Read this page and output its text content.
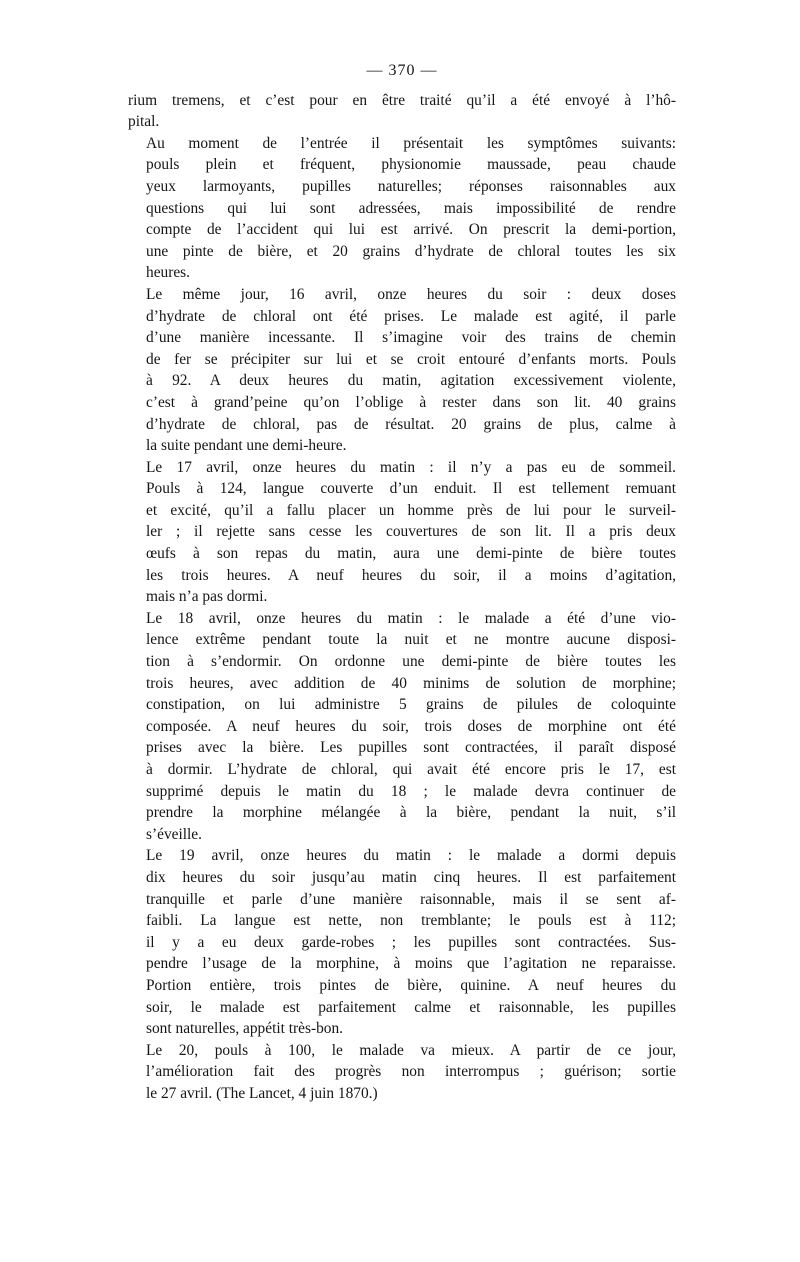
— 370 —
rium tremens, et c’est pour en être traité qu’il a été envoyé à l’hô-
pital.
Au moment de l’entrée il présentait les symptômes suivants:
pouls plein et fréquent, physionomie maussade, peau chaude
yeux larmoyants, pupilles naturelles; réponses raisonnables aux
questions qui lui sont adressées, mais impossibilité de rendre
compte de l’accident qui lui est arrivé. On prescrit la demi-portion,
une pinte de bière, et 20 grains d’hydrate de chloral toutes les six
heures.
Le même jour, 16 avril, onze heures du soir : deux doses
d’hydrate de chloral ont été prises. Le malade est agité, il parle
d’une manière incessante. Il s’imagine voir des trains de chemin
de fer se précipiter sur lui et se croit entouré d’enfants morts. Pouls
à 92. A deux heures du matin, agitation excessivement violente,
c’est à grand’peine qu’on l’oblige à rester dans son lit. 40 grains
d’hydrate de chloral, pas de résultat. 20 grains de plus, calme à
la suite pendant une demi-heure.
Le 17 avril, onze heures du matin : il n’y a pas eu de sommeil.
Pouls à 124, langue couverte d’un enduit. Il est tellement remuant
et excité, qu’il a fallu placer un homme près de lui pour le surveil-
ler ; il rejette sans cesse les couvertures de son lit. Il a pris deux
œufs à son repas du matin, aura une demi-pinte de bière toutes
les trois heures. A neuf heures du soir, il a moins d’agitation,
mais n’a pas dormi.
Le 18 avril, onze heures du matin : le malade a été d’une vio-
lence extrême pendant toute la nuit et ne montre aucune disposi-
tion à s’endormir. On ordonne une demi-pinte de bière toutes les
trois heures, avec addition de 40 minims de solution de morphine;
constipation, on lui administre 5 grains de pilules de coloquinte
composée. A neuf heures du soir, trois doses de morphine ont été
prises avec la bière. Les pupilles sont contractées, il paraît disposé
à dormir. L’hydrate de chloral, qui avait été encore pris le 17, est
supprimé depuis le matin du 18 ; le malade devra continuer de
prendre la morphine mélangée à la bière, pendant la nuit, s’il
s’éveille.
Le 19 avril, onze heures du matin : le malade a dormi depuis
dix heures du soir jusqu’au matin cinq heures. Il est parfaitement
tranquille et parle d’une manière raisonnable, mais il se sent af-
faibli. La langue est nette, non tremblante; le pouls est à 112;
il y a eu deux garde-robes ; les pupilles sont contractées. Sus-
pendre l’usage de la morphine, à moins que l’agitation ne reparaisse.
Portion entière, trois pintes de bière, quinine. A neuf heures du
soir, le malade est parfaitement calme et raisonnable, les pupilles
sont naturelles, appétit très-bon.
Le 20, pouls à 100, le malade va mieux. A partir de ce jour,
l’amélioration fait des progrès non interrompus ; guérison; sortie
le 27 avril. (The Lancet, 4 juin 1870.)
